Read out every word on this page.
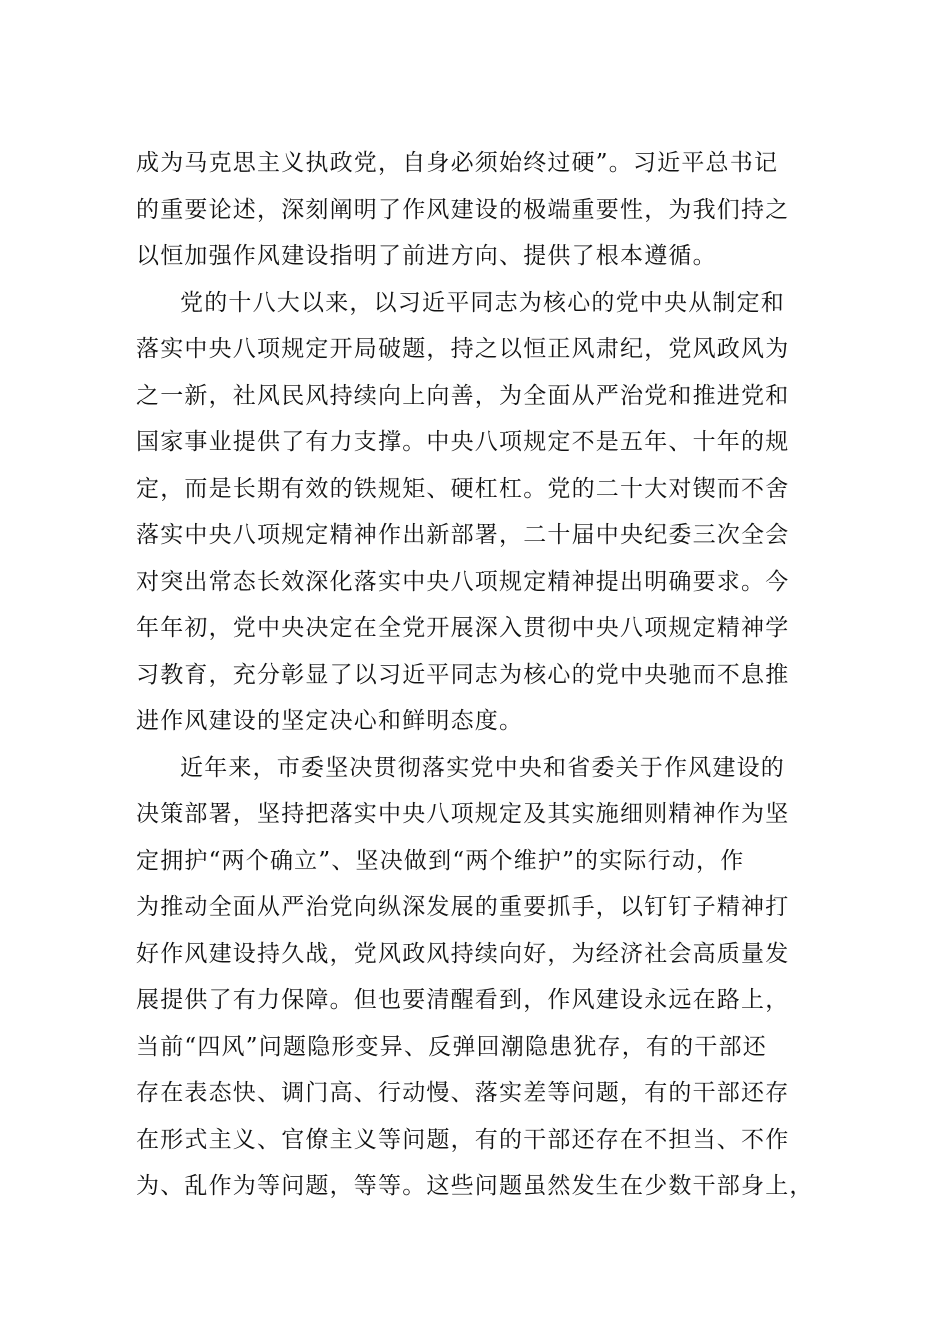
成为马克思主义执政党，自身必须始终过硬”。习近平总书记
的重要论述，深刻阐明了作风建设的极端重要性，为我们持之
以恒加强作风建设指明了前进方向、提供了根本遵循。

党的十八大以来，以习近平同志为核心的党中央从制定和
落实中央八项规定开局破题，持之以恒正风肃纪，党风政风为
之一新，社风民风持续向上向善，为全面从严治党和推进党和
国家事业提供了有力支撑。中央八项规定不是五年、十年的规
定，而是长期有效的铁规矩、硬杠杠。党的二十大对锲而不舍
落实中央八项规定精神作出新部署，二十届中央纪委三次全会
对突出常态长效深化落实中央八项规定精神提出明确要求。今
年年初，党中央决定在全党开展深入贯彻中央八项规定精神学
习教育，充分彰显了以习近平同志为核心的党中央驰而不息推
进作风建设的坚定决心和鲜明态度。

近年来，市委坚决贯彻落实党中央和省委关于作风建设的
决策部署，坚持把落实中央八项规定及其实施细则精神作为坚
定拥护“两个确立”、坚决做到“两个维护”的实际行动，作
为推动全面从严治党向纵深发展的重要抓手，以钉钉子精神打
好作风建设持久战，党风政风持续向好，为经济社会高质量发
展提供了有力保障。但也要清醒看到，作风建设永远在路上，
当前“四风”问题隐形变异、反弹回潮隐患犹存，有的干部还
存在表态快、调门高、行动慢、落实差等问题，有的干部还存
在形式主义、官僚主义等问题，有的干部还存在不担当、不作
为、乱作为等问题，等等。这些问题虽然发生在少数干部身上，
